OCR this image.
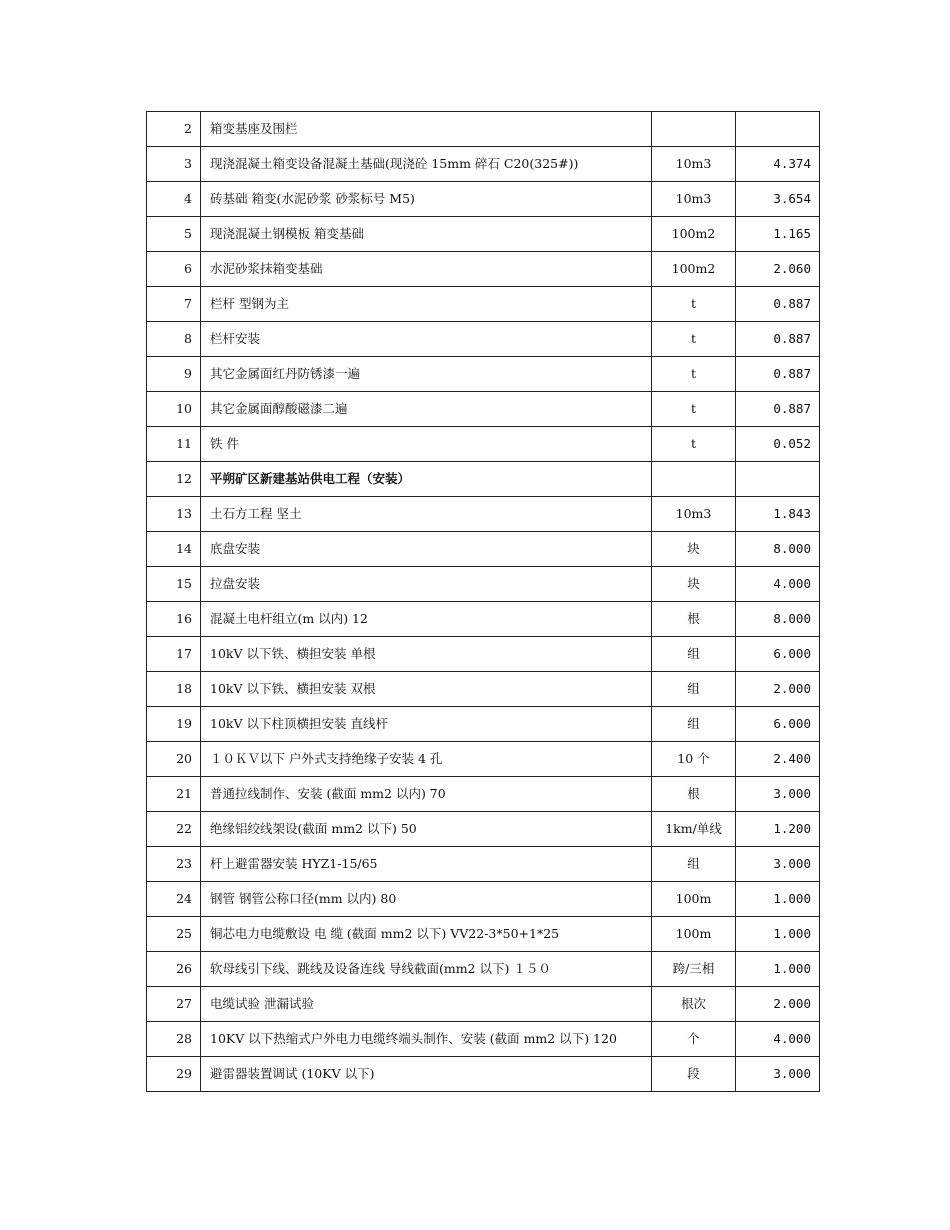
2	箱变基座及围栏		
3	现浇混凝土箱变设备混凝土基础(现浇砼 15mm 碎石 C20(325#))	10m3	4.374
4	砖基础 箱变(水泥砂浆 砂浆标号 M5)	10m3	3.654
5	现浇混凝土钢模板 箱变基础	100m2	1.165
6	水泥砂浆抹箱变基础	100m2	2.060
7	栏杆 型钢为主	t	0.887
8	栏杆安装	t	0.887
9	其它金属面红丹防锈漆一遍	t	0.887
10	其它金属面醇酸磁漆二遍	t	0.887
11	铁 件	t	0.052
12	平朔矿区新建基站供电工程（安装）		
13	土石方工程 坚土	10m3	1.843
14	底盘安装	块	8.000
15	拉盘安装	块	4.000
16	混凝土电杆组立(m 以内) 12	根	8.000
17	10kV 以下铁、横担安装 单根	组	6.000
18	10kV 以下铁、横担安装 双根	组	2.000
19	10kV 以下柱顶横担安装 直线杆	组	6.000
20	１０ＫＶ以下 户外式支持绝缘子安装 4 孔	10 个	2.400
21	普通拉线制作、安装 (截面 mm2 以内) 70	根	3.000
22	绝缘铝绞线架设(截面 mm2 以下) 50	1km/单线	1.200
23	杆上避雷器安装 HYZ1-15/65	组	3.000
24	钢管 钢管公称口径(mm 以内) 80	100m	1.000
25	铜芯电力电缆敷设 电 缆 (截面 mm2 以下) VV22-3*50+1*25	100m	1.000
26	软母线引下线、跳线及设备连线 导线截面(mm2 以下) １５０	跨/三相	1.000
27	电缆试验 泄漏试验	根次	2.000
28	10KV 以下热缩式户外电力电缆终端头制作、安装 (截面 mm2 以下) 120	个	4.000
29	避雷器装置调试 (10KV 以下)	段	3.000
